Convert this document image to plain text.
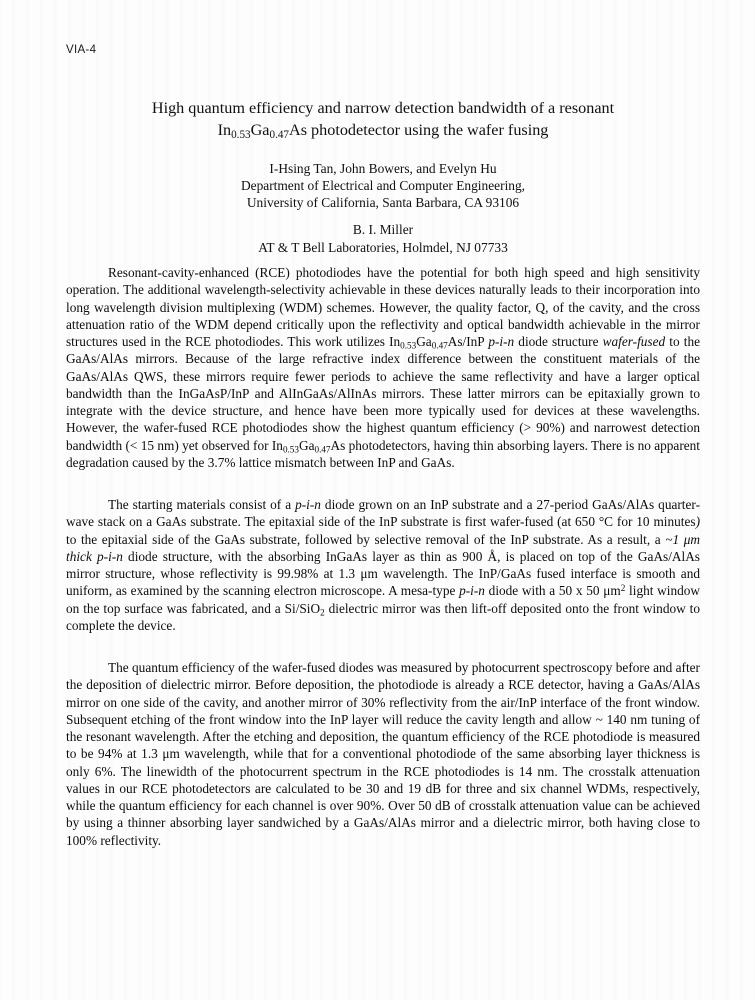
VIA-4
High quantum efficiency and narrow detection bandwidth of a resonant
$In_{0.53}Ga_{0.47}As$ photodetector using the wafer fusing
I-Hsing Tan, John Bowers, and Evelyn Hu
Department of Electrical and Computer Engineering,
University of California, Santa Barbara, CA 93106
B. I. Miller
AT & T Bell Laboratories, Holmdel, NJ 07733

Resonant-cavity-enhanced (RCE) photodiodes have the potential for both high speed and high sensitivity operation. The additional wavelength-selectivity achievable in these devices naturally leads to their incorporation into long wavelength division multiplexing (WDM) schemes. However, the quality factor, Q, of the cavity, and the cross attenuation ratio of the WDM depend critically upon the reflectivity and optical bandwidth achievable in the mirror structures used in the RCE photodiodes. This work utilizes $In_{0.53}Ga_{0.47}As$/InP p-i-n diode structure wafer-fused to the GaAs/AlAs mirrors. Because of the large refractive index difference between the constituent materials of the GaAs/AlAs QWS, these mirrors require fewer periods to achieve the same reflectivity and have a larger optical bandwidth than the InGaAsP/InP and AlInGaAs/AlInAs mirrors. These latter mirrors can be epitaxially grown to integrate with the device structure, and hence have been more typically used for devices at these wavelengths. However, the wafer-fused RCE photodiodes show the highest quantum efficiency (> 90%) and narrowest detection bandwidth (< 15 nm) yet observed for $In_{0.53}Ga_{0.47}As$ photodetectors, having thin absorbing layers. There is no apparent degradation caused by the 3.7% lattice mismatch between InP and GaAs.

The starting materials consist of a p-i-n diode grown on an InP substrate and a 27-period GaAs/AlAs quarter-wave stack on a GaAs substrate. The epitaxial side of the InP substrate is first wafer-fused (at 650 °C for 10 minutes) to the epitaxial side of the GaAs substrate, followed by selective removal of the InP substrate. As a result, a ~1 μm thick p-i-n diode structure, with the absorbing InGaAs layer as thin as 900 Å, is placed on top of the GaAs/AlAs mirror structure, whose reflectivity is 99.98% at 1.3 μm wavelength. The InP/GaAs fused interface is smooth and uniform, as examined by the scanning electron microscope. A mesa-type p-i-n diode with a 50 x 50 $\mu m^2$ light window on the top surface was fabricated, and a Si/SiO$_2$ dielectric mirror was then lift-off deposited onto the front window to complete the device.

The quantum efficiency of the wafer-fused diodes was measured by photocurrent spectroscopy before and after the deposition of dielectric mirror. Before deposition, the photodiode is already a RCE detector, having a GaAs/AlAs mirror on one side of the cavity, and another mirror of 30% reflectivity from the air/InP interface of the front window. Subsequent etching of the front window into the InP layer will reduce the cavity length and allow ~ 140 nm tuning of the resonant wavelength. After the etching and deposition, the quantum efficiency of the RCE photodiode is measured to be 94% at 1.3 μm wavelength, while that for a conventional photodiode of the same absorbing layer thickness is only 6%. The linewidth of the photocurrent spectrum in the RCE photodiodes is 14 nm. The crosstalk attenuation values in our RCE photodetectors are calculated to be 30 and 19 dB for three and six channel WDMs, respectively, while the quantum efficiency for each channel is over 90%. Over 50 dB of crosstalk attenuation value can be achieved by using a thinner absorbing layer sandwiched by a GaAs/AlAs mirror and a dielectric mirror, both having close to 100% reflectivity.
